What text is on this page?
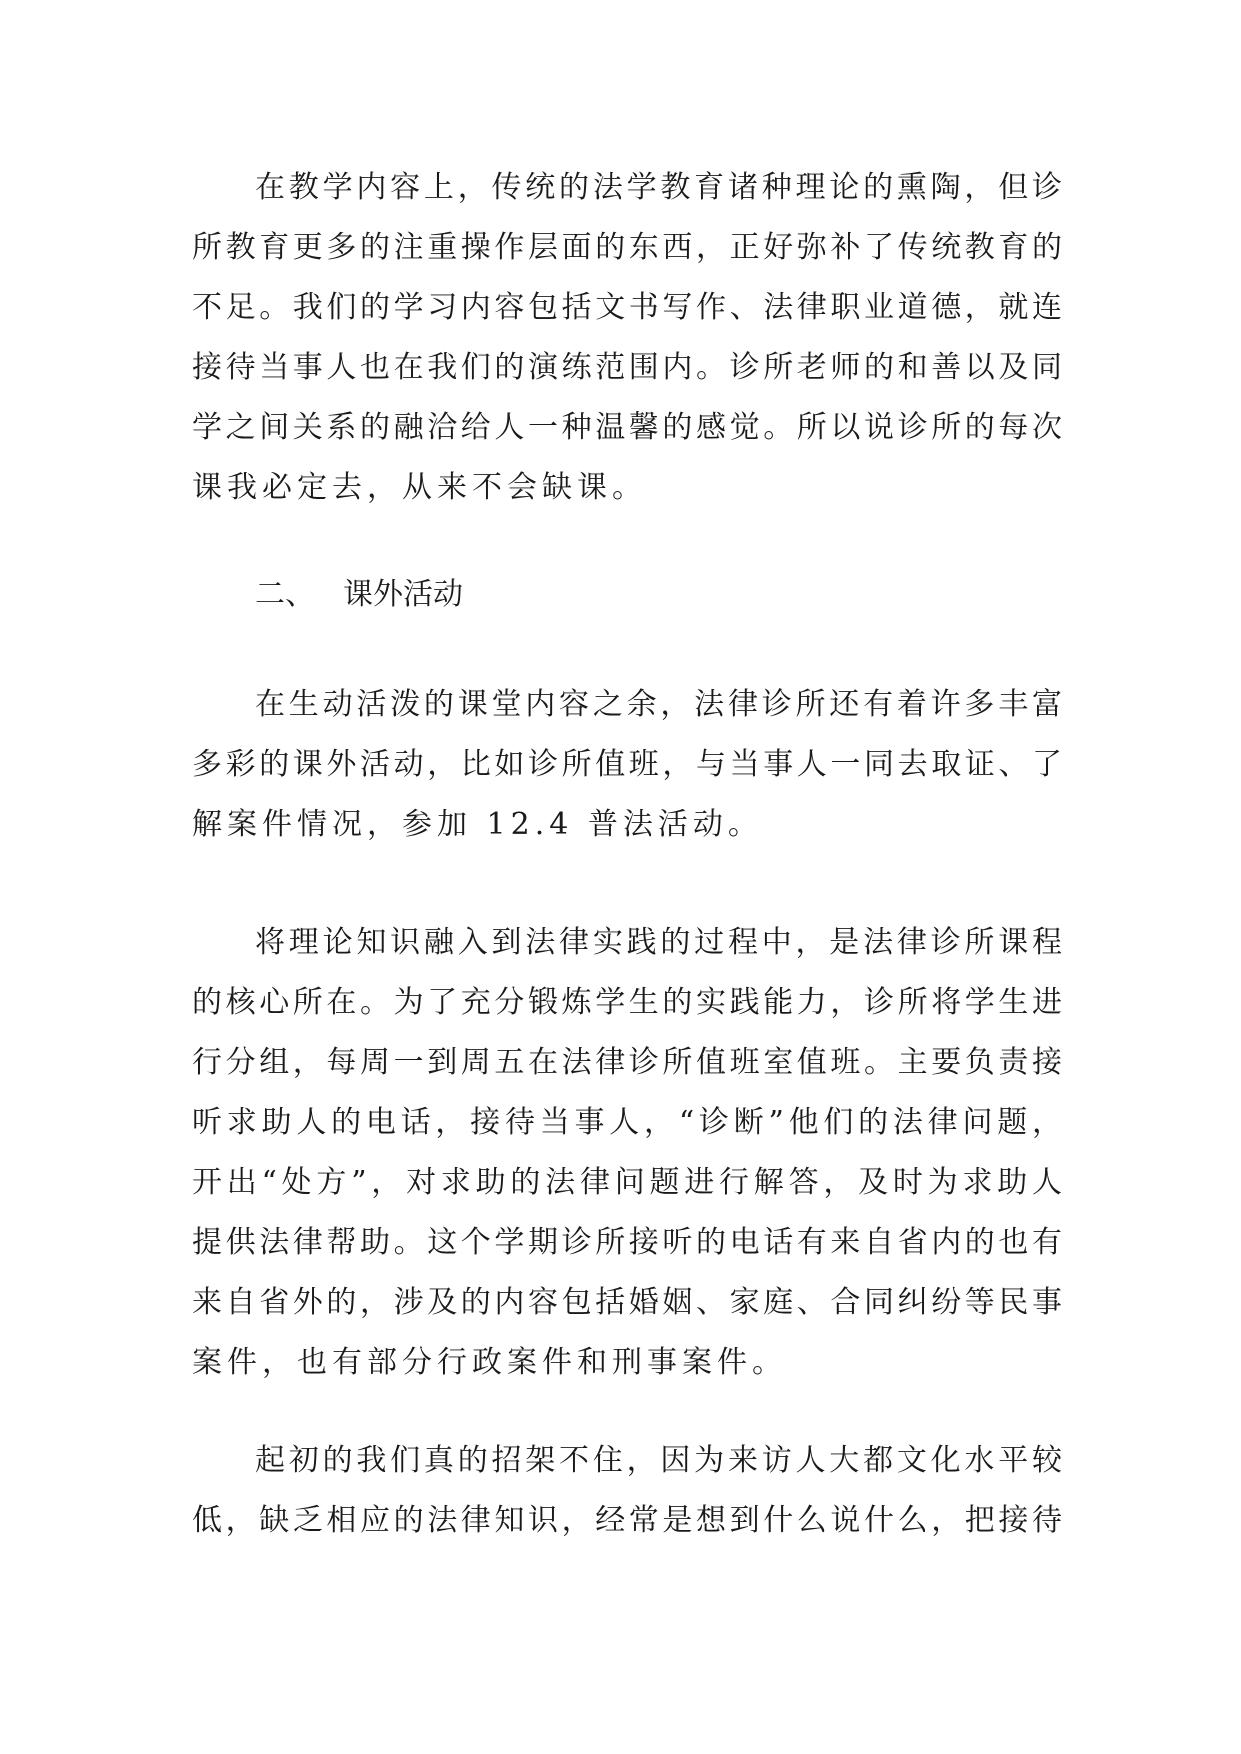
在教学内容上，传统的法学教育诸种理论的熏陶，但诊
所教育更多的注重操作层面的东西，正好弥补了传统教育的
不足。我们的学习内容包括文书写作、法律职业道德，就连
接待当事人也在我们的演练范围内。诊所老师的和善以及同
学之间关系的融洽给人一种温馨的感觉。所以说诊所的每次
课我必定去，从来不会缺课。
二、 课外活动
在生动活泼的课堂内容之余，法律诊所还有着许多丰富
多彩的课外活动，比如诊所值班，与当事人一同去取证、了
解案件情况，参加 12.4 普法活动。
将理论知识融入到法律实践的过程中，是法律诊所课程
的核心所在。为了充分锻炼学生的实践能力，诊所将学生进
行分组，每周一到周五在法律诊所值班室值班。主要负责接
听求助人的电话，接待当事人，“诊断”他们的法律问题，
开出“处方”，对求助的法律问题进行解答，及时为求助人
提供法律帮助。这个学期诊所接听的电话有来自省内的也有
来自省外的，涉及的内容包括婚姻、家庭、合同纠纷等民事
案件，也有部分行政案件和刑事案件。
起初的我们真的招架不住，因为来访人大都文化水平较
低，缺乏相应的法律知识，经常是想到什么说什么，把接待
